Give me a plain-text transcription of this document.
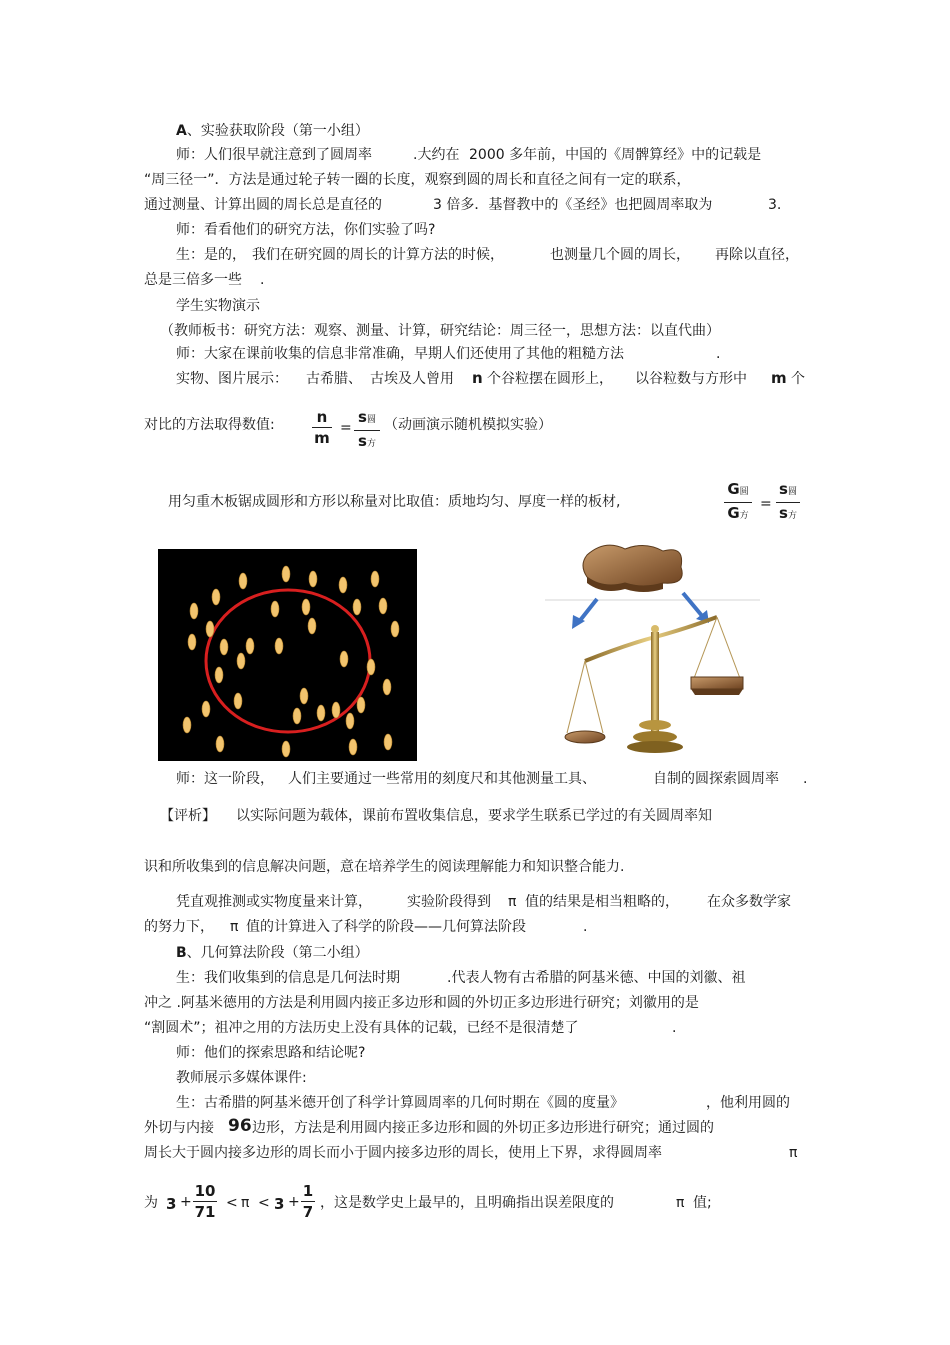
A、实验获取阶段（第一小组）
师：人们很早就注意到了圆周率	.大约在 2000 多年前，中国的《周髀算经》中的记载是
“周三径一”．方法是通过轮子转一圈的长度，观察到圆的周长和直径之间有一定的联系，
通过测量、计算出圆的周长总是直径的	3 倍多．基督教中的《圣经》也把圆周率取为	3.
师：看看他们的研究方法，你们实验了吗?
生：是的， 我们在研究圆的周长的计算方法的时候，	也测量几个圆的周长， 再除以直径，
总是三倍多一些 .
学生实物演示
（教师板书：研究方法：观察、测量、计算，研究结论：周三径一，思想方法：以直代曲）
师：大家在课前收集的信息非常准确，早期人们还使用了其他的粗糙方法	.
实物、图片展示： 古希腊、 古埃及人曾用 n 个谷粒摆在圆形上， 以谷粒数与方形中 m 个
对比的方法取得数值:	n
m
=
s圆
s方
（动画演示随机模拟实验）
用匀重木板锯成圆形和方形以称量对比取值：质地均匀、厚度一样的板材,
G圆
G方
=
s圆
s方
师：这一阶段， 人们主要通过一些常用的刻度尺和其他测量工具、	自制的圆探索圆周率 .
【评析】 以实际问题为载体，课前布置收集信息，要求学生联系已学过的有关圆周率知
识和所收集到的信息解决问题，意在培养学生的阅读理解能力和知识整合能力.
凭直观推测或实物度量来计算，	实验阶段得到 π 值的结果是相当粗略的， 在众多数学家
的努力下， π 值的计算进入了科学的阶段——几何算法阶段	.
B、几何算法阶段（第二小组）
生：我们收集到的信息是几何法时期	.代表人物有古希腊的阿基米德、中国的刘徽、祖
冲之 .阿基米德用的方法是利用圆内接正多边形和圆的外切正多边形进行研究；刘徽用的是
“割圆术”；祖冲之用的方法历史上没有具体的记载，已经不是很清楚了	.
师：他们的探索思路和结论呢?
教师展示多媒体课件:
生：古希腊的阿基米德开创了科学计算圆周率的几何时期在《圆的度量》	，他利用圆的
外切与内接 96 边形，方法是利用圆内接正多边形和圆的外切正多边形进行研究；通过圆的
周长大于圆内接多边形的周长而小于圆内接多边形的周长，使用上下界，求得圆周率	π
为 3 +
10
71 < π < 3 +
1
7 ，这是数学史上最早的，且明确指出误差限度的	π 值;
